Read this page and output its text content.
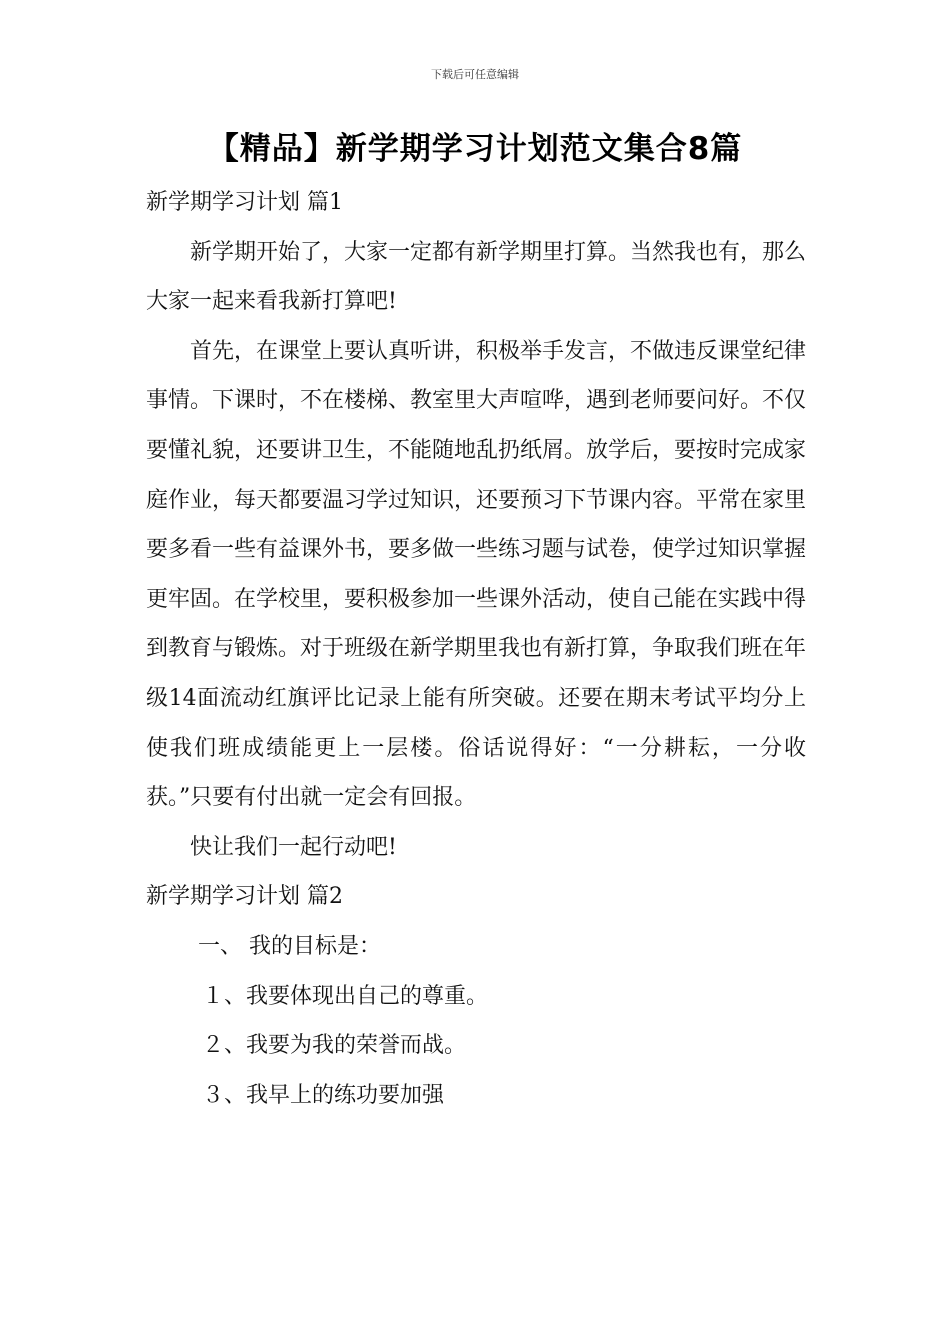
下载后可任意编辑
【精品】新学期学习计划范文集合8篇

新学期学习计划 篇1

新学期开始了，大家一定都有新学期里打算。当然我也有，那么大家一起来看我新打算吧!

首先，在课堂上要认真听讲，积极举手发言，不做违反课堂纪律事情。下课时，不在楼梯、教室里大声喧哗，遇到老师要问好。不仅要懂礼貌，还要讲卫生，不能随地乱扔纸屑。放学后，要按时完成家庭作业，每天都要温习学过知识，还要预习下节课内容。平常在家里要多看一些有益课外书，要多做一些练习题与试卷，使学过知识掌握更牢固。在学校里，要积极参加一些课外活动，使自己能在实践中得到教育与锻炼。对于班级在新学期里我也有新打算，争取我们班在年级14面流动红旗评比记录上能有所突破。还要在期末考试平均分上使我们班成绩能更上一层楼。俗话说得好：“一分耕耘，一分收获。”只要有付出就一定会有回报。

快让我们一起行动吧!

新学期学习计划 篇2

一、 我的目标是：

１、我要体现出自己的尊重。

２、我要为我的荣誉而战。

３、我早上的练功要加强
